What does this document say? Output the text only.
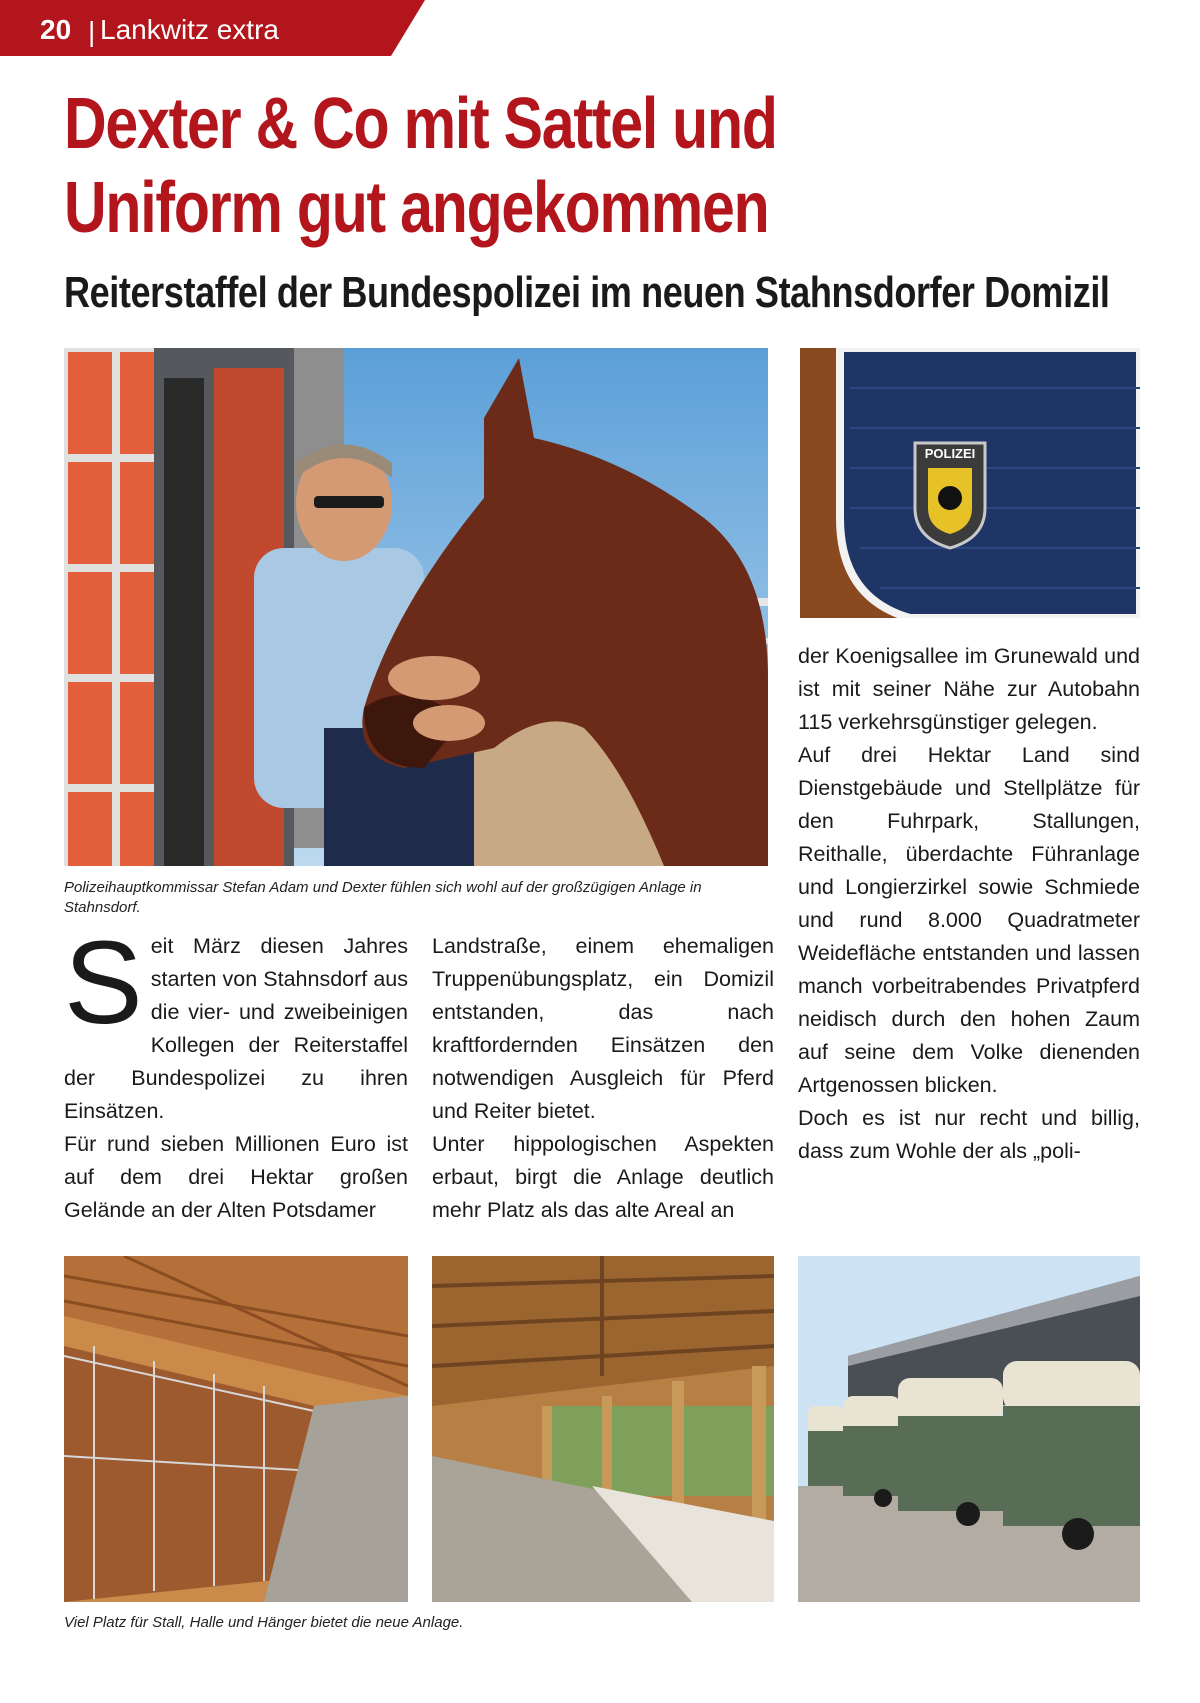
20 | Lankwitz extra
Dexter & Co mit Sattel und
Uniform gut angekommen
Reiterstaffel der Bundespolizei im neuen Stahnsdorfer Domizil
POLIZEI
Polizeihauptkommissar Stefan Adam und Dexter fühlen sich wohl auf der großzügigen Anlage in Stahnsdorf.

Seit März diesen Jahres starten von Stahnsdorf aus die vier- und zweibeinigen Kollegen der Reiterstaffel der Bundespolizei zu ihren Einsätzen.

Für rund sieben Millionen Euro ist auf dem drei Hektar großen Gelände an der Alten Potsdamer

Landstraße, einem ehemaligen Truppenübungsplatz, ein Domizil entstanden, das nach kraftfordernden Einsätzen den notwendigen Ausgleich für Pferd und Reiter bietet.

Unter hippologischen Aspekten erbaut, birgt die Anlage deutlich mehr Platz als das alte Areal an

der Koenigsallee im Grunewald und ist mit seiner Nähe zur Autobahn 115 verkehrsgünstiger gelegen.

Auf drei Hektar Land sind Dienstgebäude und Stellplätze für den Fuhrpark, Stallungen, Reithalle, überdachte Führanlage und Longierzirkel sowie Schmiede und rund 8.000 Quadratmeter Weidefläche entstanden und lassen manch vorbeitrabendes Privatpferd neidisch durch den hohen Zaum auf seine dem Volke dienenden Artgenossen blicken.

Doch es ist nur recht und billig, dass zum Wohle der als „poli-

Viel Platz für Stall, Halle und Hänger bietet die neue Anlage.
